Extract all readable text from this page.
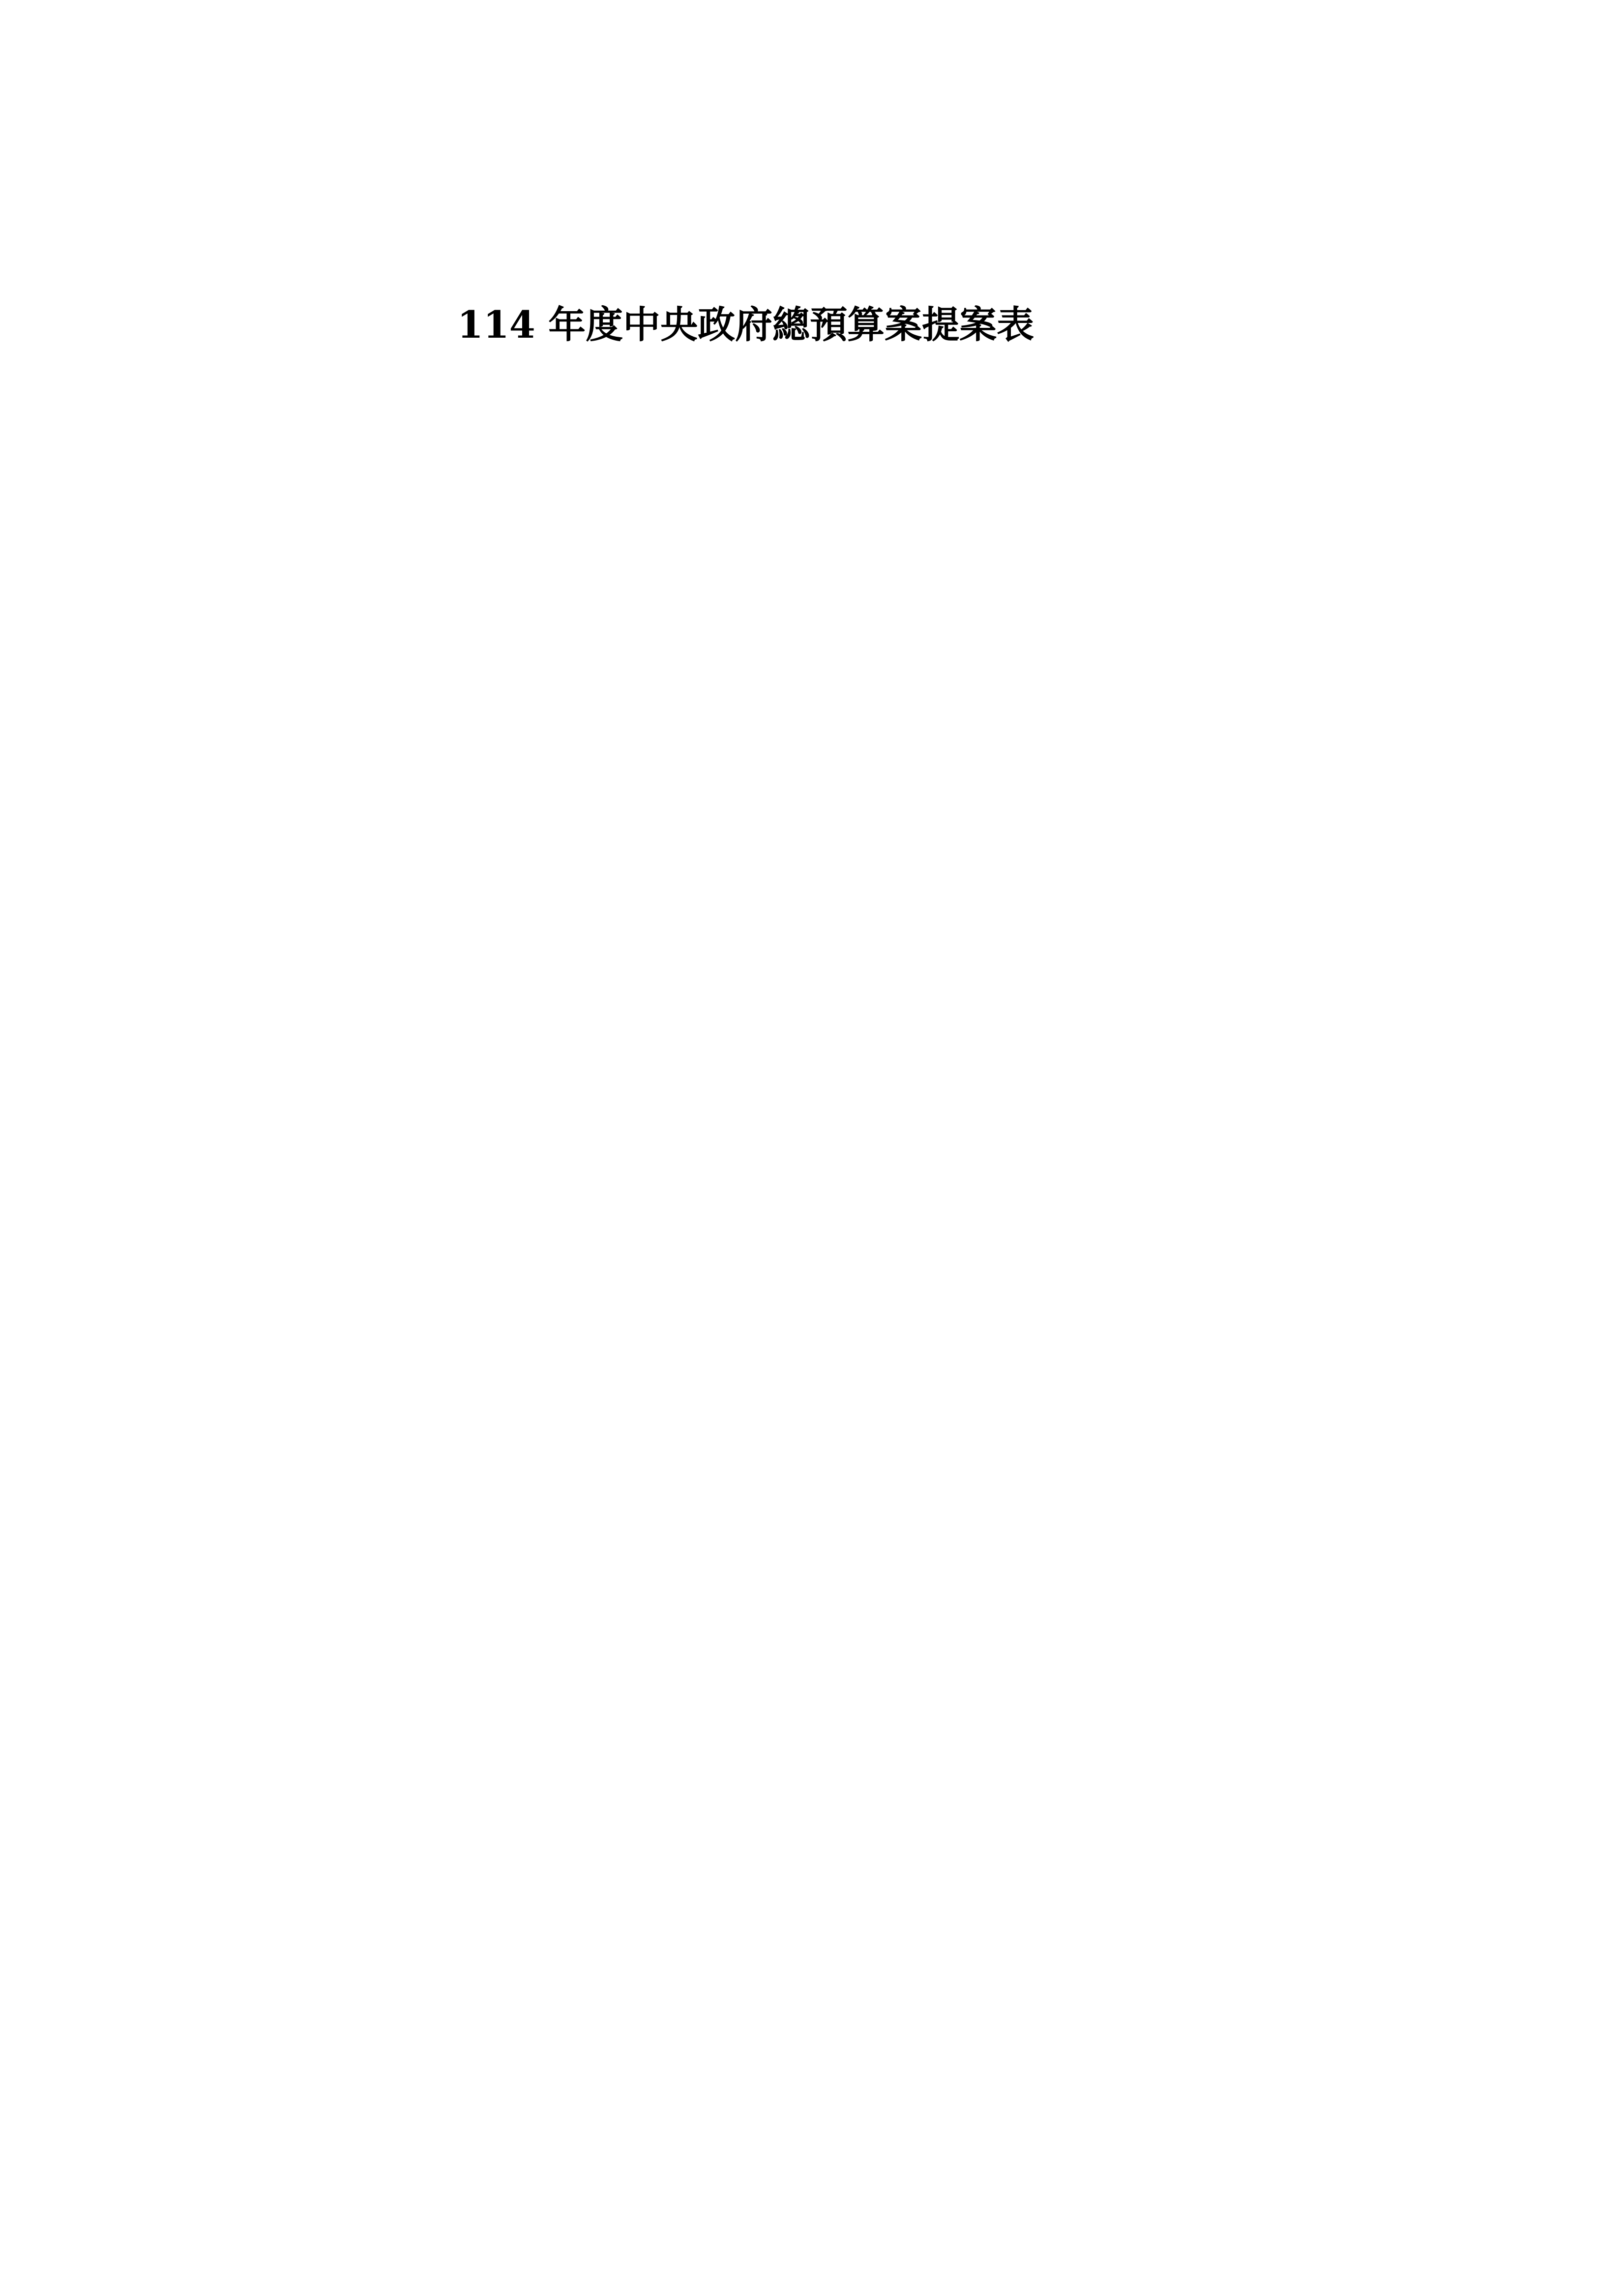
114 年度中央政府總預算案提案表
